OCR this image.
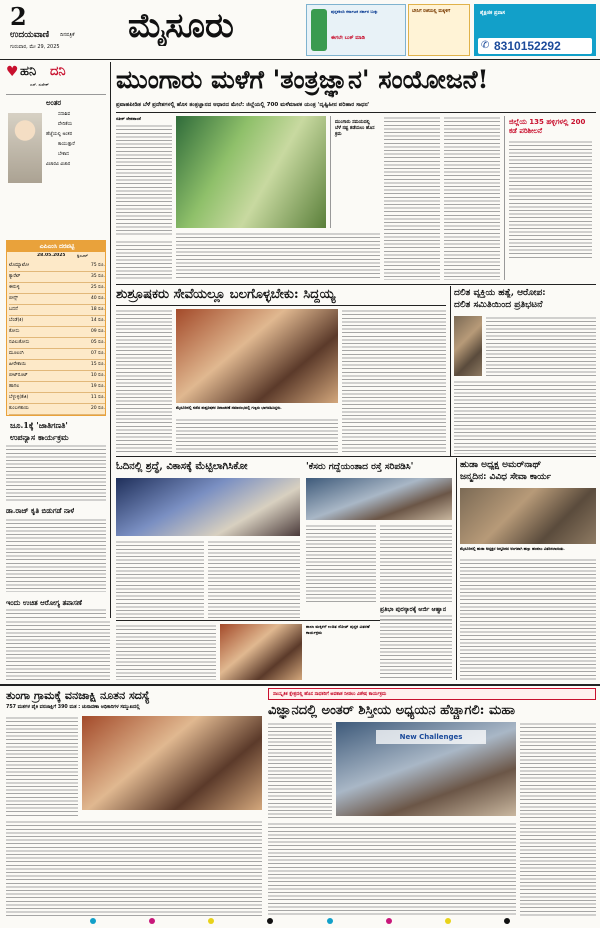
2
ಉದಯವಾಣಿ ದಿನಪತ್ರಿಕೆ
ಗುರುವಾರ, ಮೇ 29, 2025
ಮೈಸೂರು	ಪುಸ್ತಕಕಿಂದಿ ಕರ್ನಾಟಕ ಸರ್ಕಾರ ಬುಕ್ಕು
ಈಗಲೇ ಬುಕ್ ಮಾಡಿ
ಬೇಸಿಗೆ ರಜೆಯಲ್ಲಿ ಮಕ್ಕಳಿಗೆ	ಶೈಕ್ಷಣಿಕ ಪ್ರವಾಸ
✆ 8310152292
♥ ಹನಿ ದನಿ
ಎಸ್. ಸುರೇಶ್
ಅಂತರ
ಸದಾಶಿವ
ವೇದಿಕೆಯ
ಹೆಜ್ಜೆಯಲ್ಲಿ ಅಂತರ
ಕಾಯುತ್ತಾರೆ
ಬೇಕಾದ
ವಿಚಾರವಿ ವಿಚಾರ
ಎಪಿಎಂಸಿ ದರಪಟ್ಟಿ
28.05.2025	ಕ್ವಿಂಟಲ್
ಟೊಮ್ಯಾಟೋ	75 ರೂ.
ಕ್ಯಾರೆಟ್	35 ರೂ.
ಈರುಳ್ಳಿ	25 ರೂ.
ಬೀನ್ಸ್	40 ರೂ.
ಬದನೆ	18 ರೂ.
ಬೆಂಡೆ(ಕಿ)	14 ರೂ.
ಕೋಸು	09 ರೂ.
ನವಿಲುಕೋಸು	05 ರೂ.
ಮೂಲಂಗಿ	07 ರೂ.
ಹೀರೇಕಾಯಿ	15 ರೂ.
ಬೀಟ್‌ರೂಟ್	10 ರೂ.
ಹಾಗಲ	19 ರೂ.
ಬೆಳ್ಳುಳ್ಳಿ(ಕೆಜಿ)	11 ರೂ.
ಕುಂಬಳಕಾಯಿ	20 ರೂ.
ಜೂ.1ಕ್ಕೆ 'ಜಾತಿಗಣತಿ'
ಉಪನ್ಯಾಸ ಕಾರ್ಯಕ್ರಮ
ಡಾ.ರಾಜ್ ಕೃತಿ ಬಿಡುಗಡೆ ನಾಳೆ
ಇಂದು ಉಚಿತ ಆರೋಗ್ಯ ತಪಾಸಣೆ
ಮುಂಗಾರು ಮಳೆಗೆ 'ತಂತ್ರಜ್ಞಾನ' ಸಂಯೋಜನೆ!
ಪ್ರವಾಹಪೀಡಿತ ಬೆಳೆ ಪ್ರದೇಶಗಳಲ್ಲಿ ಹೊಸ ತಂತ್ರಜ್ಞಾನದ ಆಧಾರದ ಮೇಲೆ: ಜಿಲ್ಲೆಯಲ್ಲಿ 700 ಮಳೆಮಾಪಕ ಯಂತ್ರ 'ದೃಷ್ಟಿಹೀನ ಪರಿಹಾರ ಸಾಧನ'
ಸತೀಶ್ ದೇಶಪಾಂಡೆ
ಮುಂಗಾರು ಸಮಯದಲ್ಲಿ ಬೆಳೆ ನಷ್ಟ ತಡೆಯಲು ಹೊಸ ಕ್ರಮ
ಜಿಲ್ಲೆಯ 135 ಹಳ್ಳಿಗಳಲ್ಲಿ 200 ಕಡೆ ಪರಿಶೀಲನೆ
ಶುಶ್ರೂಷಕರು ಸೇವೆಯಲ್ಲೂ ಬಲಗೊಳ್ಳಬೇಕು: ಸಿದ್ದಯ್ಯ
ಮೈಸೂರಿನಲ್ಲಿ ನಡೆದ ಶುಶ್ರೂಷಕರ ದಿನಾಚರಣೆ ಸಮಾರಂಭದಲ್ಲಿ ಗಣ್ಯರು ಭಾಗವಹಿಸಿದ್ದರು.
ದಲಿತ ವ್ಯಕ್ತಿಯ ಹತ್ಯೆ, ಆರೋಪ:
ದಲಿತ ಸಮಿತಿಯಿಂದ ಪ್ರತಿಭಟನೆ
ಓದಿನಲ್ಲಿ ಶ್ರದ್ಧೆ, ವಿಕಾಸಕ್ಕೆ ಮೆಟ್ಟಿಲಾಗಿಸಿಕೋ	'ಕೆಸರು ಗದ್ದೆಯಂತಾದ ರಸ್ತೆ ಸರಿಪಡಿಸಿ'
ಪ್ರತಿಭಾ ಪುರಸ್ಕಾರಕ್ಕೆ ಅರ್ಜಿ ಆಹ್ವಾನ
ಹುಡಾ ಅಧ್ಯಕ್ಷ ಅಮರ್‌ನಾಥ್
ಜನ್ಮದಿನ: ವಿವಿಧ ಸೇವಾ ಕಾರ್ಯ
ಮೈಸೂರಿನಲ್ಲಿ ಹುಡಾ ಅಧ್ಯಕ್ಷರ ಜನ್ಮದಿನದ ಅಂಗವಾಗಿ ಹಣ್ಣು ಹಂಪಲು ವಿತರಿಸಲಾಯಿತು.
ಶಾಲಾ ಮಕ್ಕಳಿಗೆ ಉಚಿತ ನೋಟ್ ಪುಸ್ತಕ ವಿತರಣೆ ಕಾರ್ಯಕ್ರಮ
ತುಂಗಾ ಗ್ರಾಮಕ್ಕೆ ವನಜಾಕ್ಷಿ ನೂತನ ಸದಸ್ಯೆ
757 ಮತಗಳ ಪೈಕಿ ವನಜಾಕ್ಷಿಗೆ 390 ಮತ : ಚುನಾವಣಾ ಅಧಿಕಾರಿಗಳ ಸಮ್ಮುಖದಲ್ಲಿ
ಸಾಂಸ್ಕೃತಿಕ ಕ್ಷೇತ್ರದಲ್ಲಿ ಹೊಸ ಸಾಧಕರಿಗೆ ಅವಕಾಶ ನೀಡಲು ವಿಶೇಷ ಕಾರ್ಯಕ್ರಮ
ವಿಜ್ಞಾನದಲ್ಲಿ ಅಂತರ್ ಶಿಸ್ತೀಯ ಅಧ್ಯಯನ ಹೆಚ್ಚಾಗಲಿ: ಮಹಾ
New Challenges
